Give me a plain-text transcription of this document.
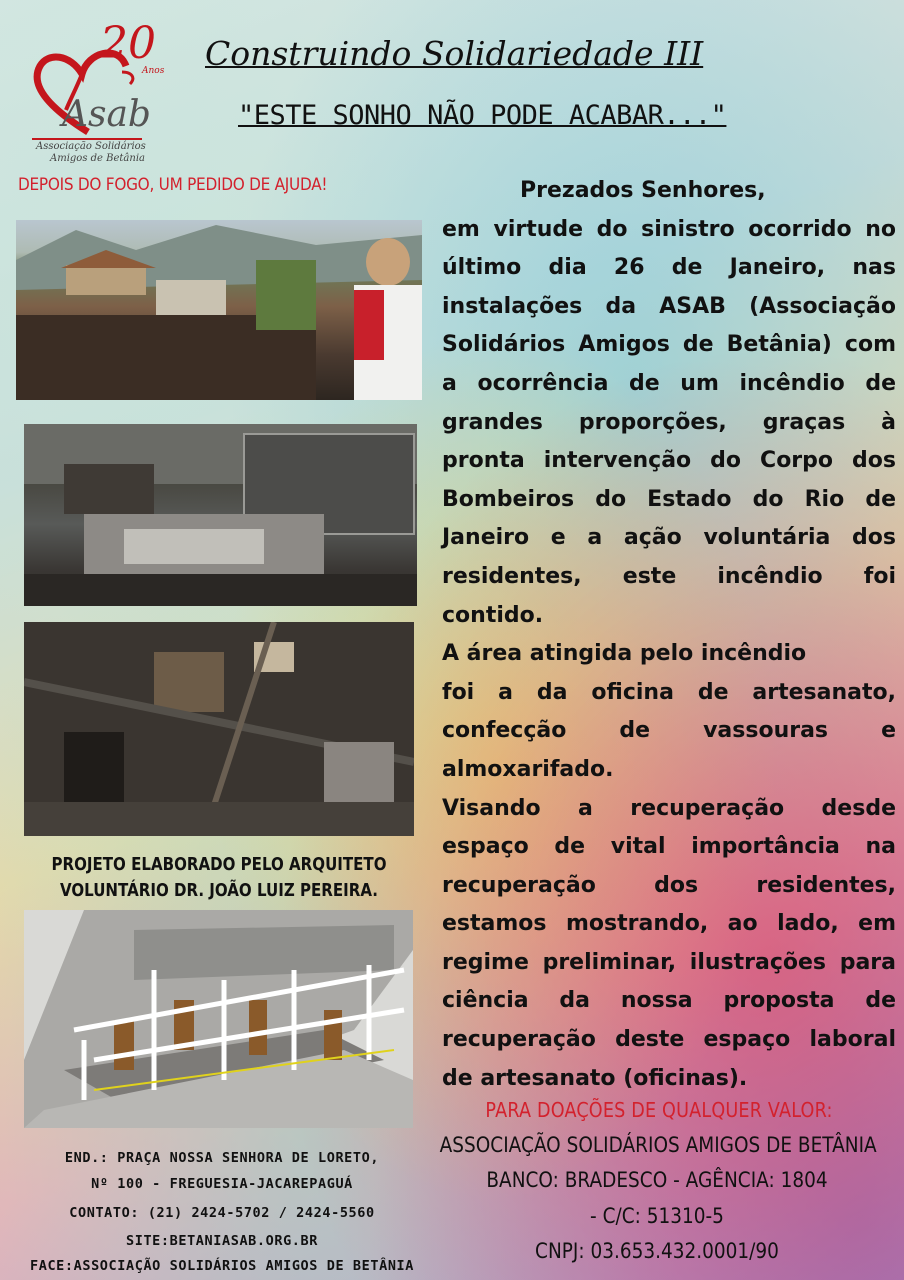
20
Anos
Asab
Associação Solidários
Amigos de Betânia
Construindo Solidariedade III
"ESTE SONHO NÃO PODE ACABAR..."
DEPOIS DO FOGO, UM PEDIDO DE AJUDA!
PROJETO ELABORADO PELO ARQUITETO
VOLUNTÁRIO DR. JOÃO LUIZ PEREIRA.

Prezados Senhores,

em virtude do sinistro ocorrido no último dia 26 de Janeiro, nas instalações da ASAB (Associação Solidários Amigos de Betânia) com a ocorrência de um incêndio de grandes proporções, graças à pronta intervenção do Corpo dos Bombeiros do Estado do Rio de Janeiro e a ação voluntária dos residentes, este incêndio foi contido.

A área atingida pelo incêndio

foi a da oficina de artesanato, confecção de vassouras e almoxarifado.

Visando a recuperação desde espaço de vital importância na recuperação dos residentes, estamos mostrando, ao lado, em regime preliminar, ilustrações para ciência da nossa proposta de recuperação deste espaço laboral de artesanato (oficinas).

PARA DOAÇÕES DE QUALQUER VALOR:
ASSOCIAÇÃO SOLIDÁRIOS AMIGOS DE BETÂNIA
BANCO: BRADESCO - AGÊNCIA: 1804
- C/C: 51310-5
CNPJ: 03.653.432.0001/90
END.: PRAÇA NOSSA SENHORA DE LORETO,
Nº 100 - FREGUESIA-JACAREPAGUÁ
CONTATO: (21) 2424-5702 / 2424-5560
SITE:BETANIASAB.ORG.BR
FACE:ASSOCIAÇÃO SOLIDÁRIOS AMIGOS DE BETÂNIA
